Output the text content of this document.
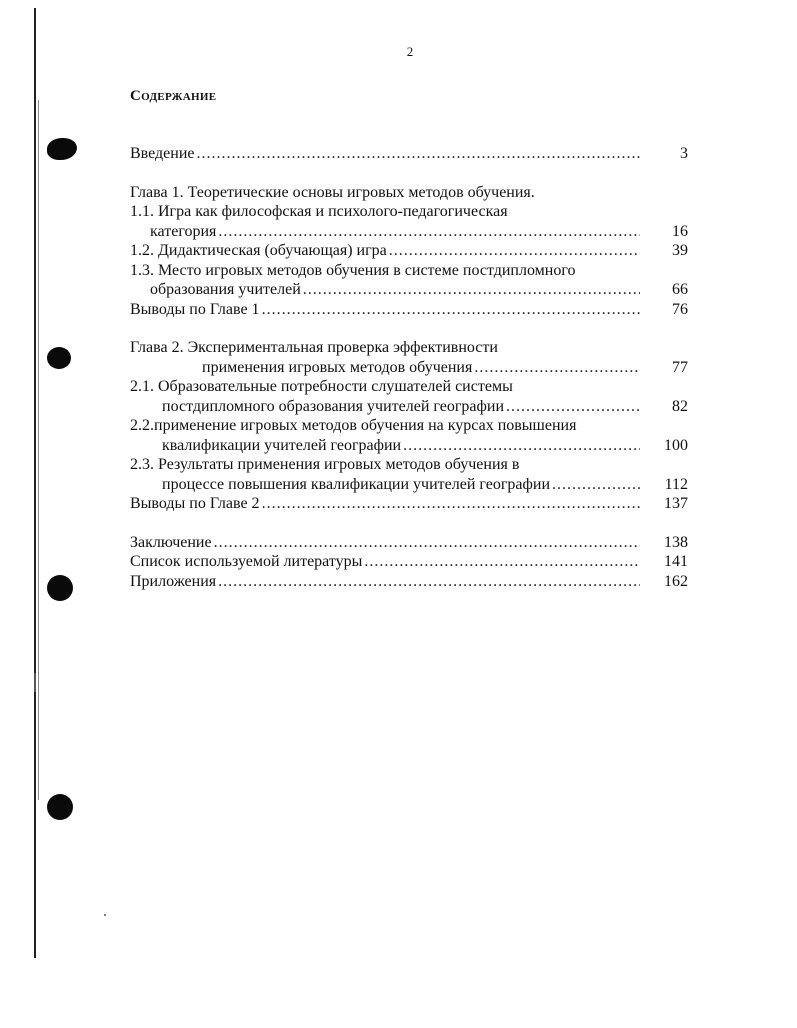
2
Содержание
Введение .....	3
Глава 1. Теоретические основы игровых методов обучения.
1.1. Игра как философская и психолого-педагогическая
категория .....	16
1.2. Дидактическая (обучающая) игра .....	39
1.3. Место игровых методов обучения в системе постдипломного
образования учителей .....	66
Выводы по Главе 1 .....	76
Глава 2. Экспериментальная проверка эффективности
применения игровых методов обучения .....	77
2.1. Образовательные потребности слушателей системы
постдипломного образования учителей географии .....	82
2.2.применение игровых методов обучения на курсах повышения
квалификации учителей географии .....	100
2.3. Результаты применения игровых методов обучения в
процессе повышения квалификации учителей географии .....	112
Выводы по Главе 2 .....	137
Заключение .....	138
Список используемой литературы .....	141
Приложения .....	162
